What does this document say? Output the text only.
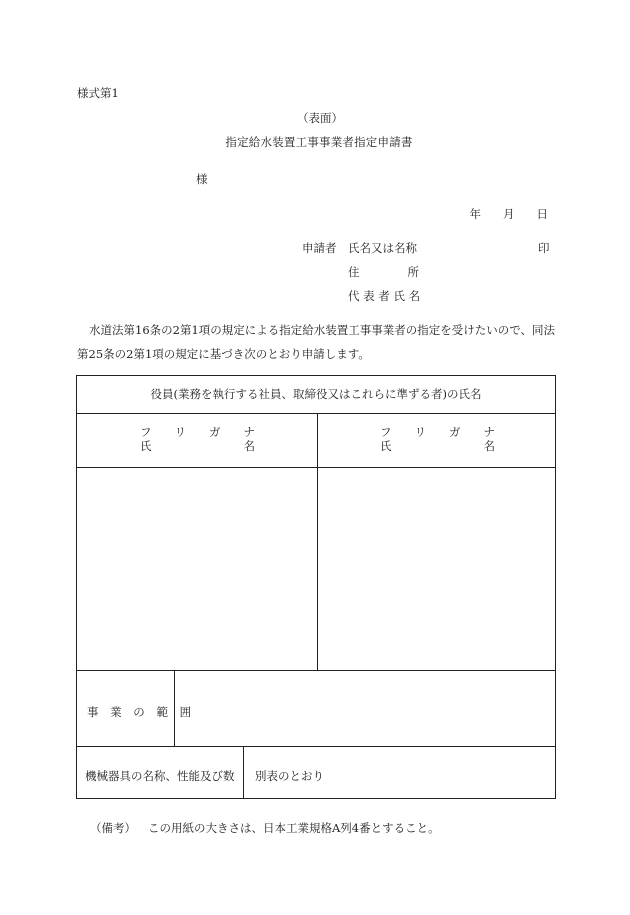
様式第1
（表面）
指定給水装置工事事業者指定申請書
様
年 月 日
申請者 氏名又は名称	印
住	所
代 表 者 氏 名
水道法第16条の2第1項の規定による指定給水装置工事事業者の指定を受けたいので、同法第25条の2第1項の規定に基づき次のとおり申請します。
役員(業務を執行する社員、取締役又はこれらに準ずる者)の氏名
フ リ ガ ナ
氏	名
フ リ ガ ナ
氏	名
事 業 の 範 囲
機械器具の名称、性能及び数 別表のとおり
（備考） この用紙の大きさは、日本工業規格A列4番とすること。
